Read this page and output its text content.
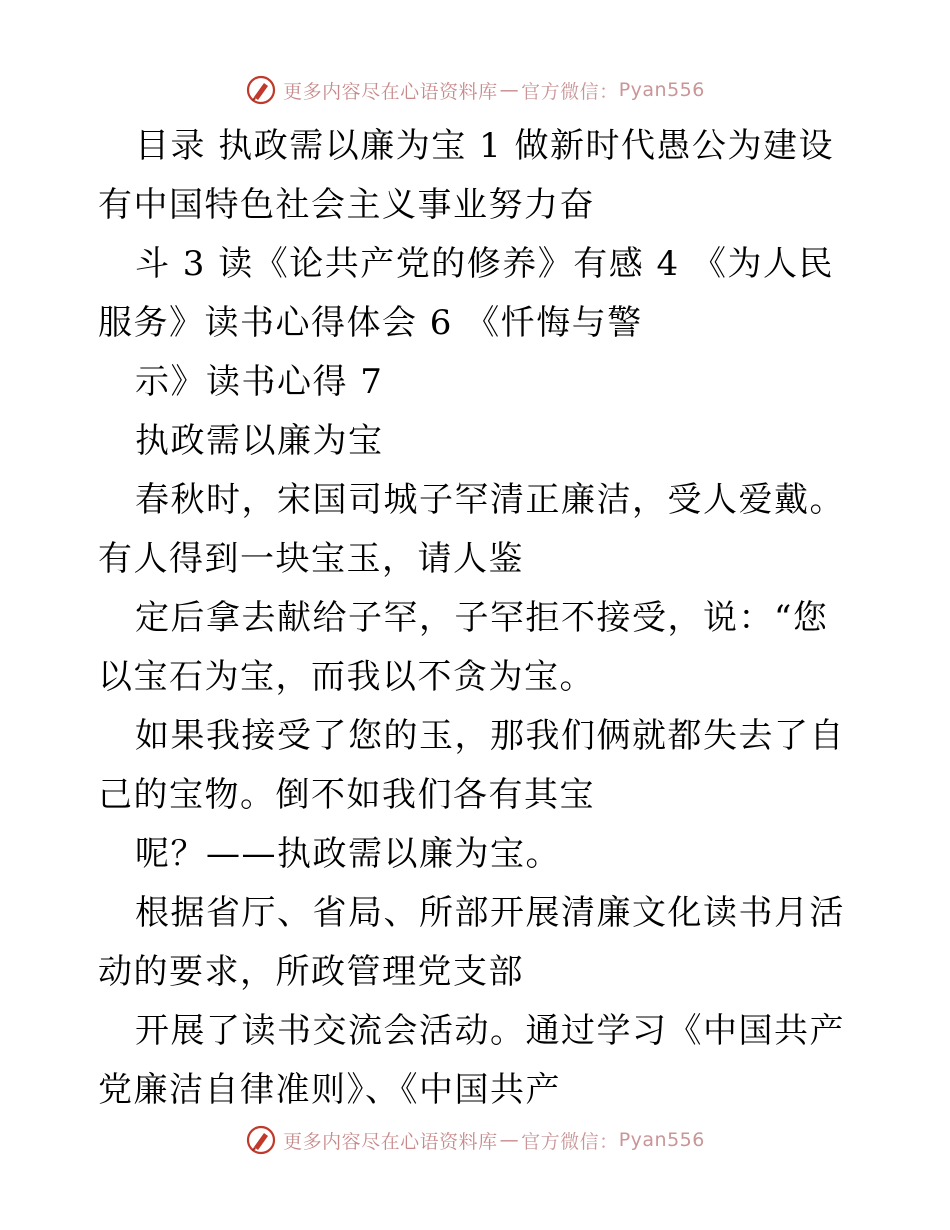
更多内容尽在心语资料库 — 官方微信： Pyan556

目录 执政需以廉为宝 1 做新时代愚公为建设有中国特色社会主义事业努力奋

斗 3 读《论共产党的修养》有感 4 《为人民服务》读书心得体会 6 《忏悔与警

示》读书心得 7

执政需以廉为宝

春秋时，宋国司城子罕清正廉洁，受人爱戴。有人得到一块宝玉，请人鉴

定后拿去献给子罕，子罕拒不接受，说：“您以宝石为宝，而我以不贪为宝。

如果我接受了您的玉，那我们俩就都失去了自己的宝物。倒不如我们各有其宝

呢？——执政需以廉为宝。

根据省厅、省局、所部开展清廉文化读书月活动的要求，所政管理党支部

开展了读书交流会活动。通过学习《中国共产党廉洁自律准则》、《中国共产

更多内容尽在心语资料库 — 官方微信： Pyan556
